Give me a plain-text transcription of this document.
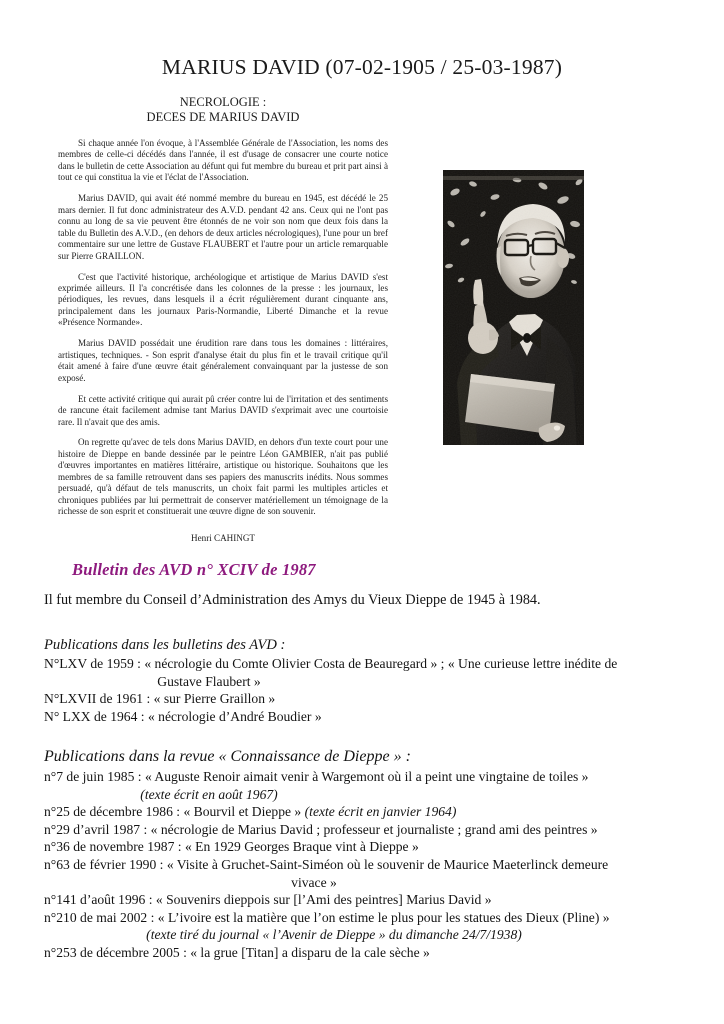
MARIUS DAVID (07-02-1905 / 25-03-1987)
NECROLOGIE :
DECES DE MARIUS DAVID

Si chaque année l'on évoque, à l'Assemblée Générale de l'Association, les noms des membres de celle-ci décédés dans l'année, il est d'usage de consacrer une courte notice dans le bulletin de cette Association au défunt qui fut membre du bureau et prit part ainsi à tout ce qui constitua la vie et l'éclat de l'Association.

Marius DAVID, qui avait été nommé membre du bureau en 1945, est décédé le 25 mars dernier. Il fut donc administrateur des A.V.D. pendant 42 ans. Ceux qui ne l'ont pas connu au long de sa vie peuvent être étonnés de ne voir son nom que deux fois dans la table du Bulletin des A.V.D., (en dehors de deux articles nécrologiques), l'une pour un bref commentaire sur une lettre de Gustave FLAUBERT et l'autre pour un article remarquable sur Pierre GRAILLON.

C'est que l'activité historique, archéologique et artistique de Marius DAVID s'est exprimée ailleurs. Il l'a concrétisée dans les colonnes de la presse : les journaux, les périodiques, les revues, dans lesquels il a écrit régulièrement durant cinquante ans, principalement dans les journaux Paris-Normandie, Liberté Dimanche et la revue «Présence Normande».

Marius DAVID possédait une érudition rare dans tous les domaines : littéraires, artistiques, techniques. - Son esprit d'analyse était du plus fin et le travail critique qu'il était amené à faire d'une œuvre était généralement convainquant par la justesse de son exposé.

Et cette activité critique qui aurait pû créer contre lui de l'irritation et des sentiments de rancune était facilement admise tant Marius DAVID s'exprimait avec une courtoisie rare. Il n'avait que des amis.

On regrette qu'avec de tels dons Marius DAVID, en dehors d'un texte court pour une histoire de Dieppe en bande dessinée par le peintre Léon GAMBIER, n'ait pas publié d'œuvres importantes en matières littéraire, artistique ou historique. Souhaitons que les membres de sa famille retrouvent dans ses papiers des manuscrits inédits. Nous sommes persuadé, qu'à défaut de tels manuscrits, un choix fait parmi les multiples articles et chroniques publiées par lui permettrait de conserver matériellement un témoignage de la richesse de son esprit et constituerait une œuvre digne de son souvenir.

Henri CAHINGT
Bulletin des AVD n° XCIV de 1987
Il fut membre du Conseil d’Administration des Amys du Vieux Dieppe de 1945 à 1984.
Publications dans les bulletins des AVD :
N°LXV de 1959 : « nécrologie du Comte Olivier Costa de Beauregard » ; « Une curieuse lettre inédite de
Gustave Flaubert »
N°LXVII de 1961 : « sur Pierre Graillon »
N° LXX de 1964 : « nécrologie d’André Boudier »
Publications dans la revue « Connaissance de Dieppe » :
n°7 de juin 1985 : « Auguste Renoir aimait venir à Wargemont où il a peint une vingtaine de toiles »
(texte écrit en août 1967)
n°25 de décembre 1986 : « Bourvil et Dieppe » (texte écrit en janvier 1964)
n°29 d’avril 1987 : « nécrologie de Marius David ; professeur et journaliste ; grand ami des peintres »
n°36 de novembre 1987 : « En 1929 Georges Braque vint à Dieppe »
n°63 de février 1990 : « Visite à Gruchet-Saint-Siméon où le souvenir de Maurice Maeterlinck demeure
vivace »
n°141 d’août 1996 : « Souvenirs dieppois sur [l’Ami des peintres] Marius David »
n°210 de mai 2002 : « L’ivoire est la matière que l’on estime le plus pour les statues des Dieux (Pline) »
(texte tiré du journal « l’Avenir de Dieppe » du dimanche 24/7/1938)
n°253 de décembre 2005 : « la grue [Titan] a disparu de la cale sèche »
